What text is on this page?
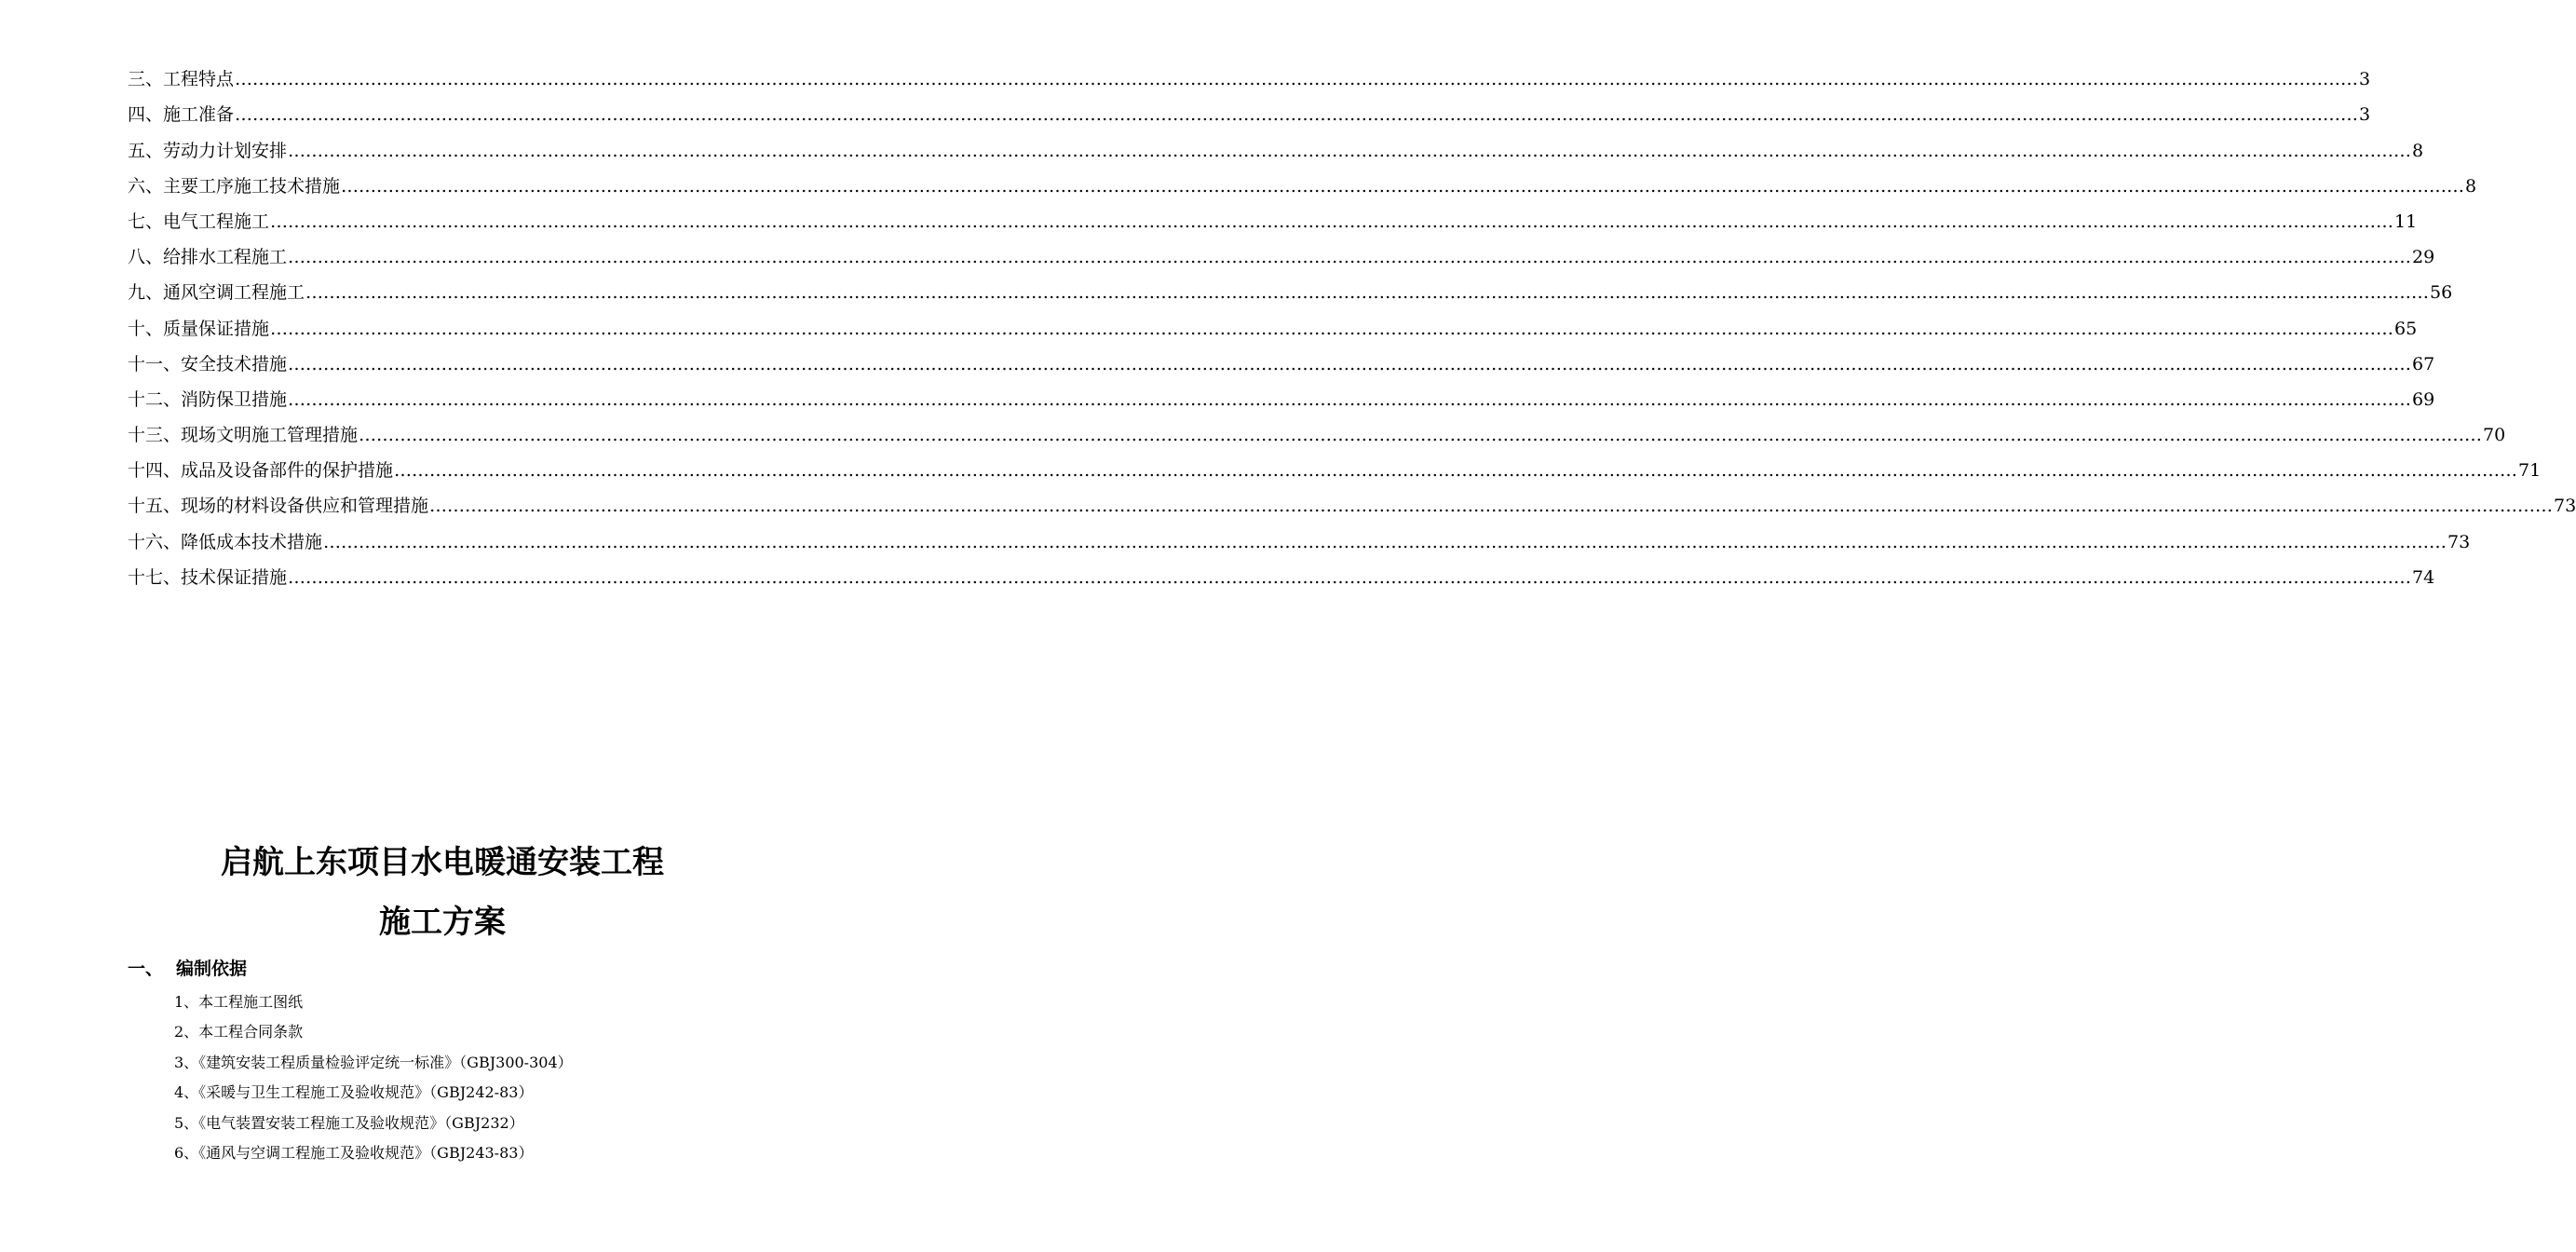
三、工程特点 ……………………………………………………………………………………………………………………………………………………………………………………………………………………………………………………………………………………………………………………………… 3
四、施工准备 ……………………………………………………………………………………………………………………………………………………………………………………………………………………………………………………………………………………………………………………………… 3
五、劳动力计划安排 ……………………………………………………………………………………………………………………………………………………………………………………………………………………………………………………………………………………………………………………………… 8
六、主要工序施工技术措施 ……………………………………………………………………………………………………………………………………………………………………………………………………………………………………………………………………………………………………………………………… 8
七、电气工程施工 ……………………………………………………………………………………………………………………………………………………………………………………………………………………………………………………………………………………………………………………………… 11
八、给排水工程施工 ……………………………………………………………………………………………………………………………………………………………………………………………………………………………………………………………………………………………………………………………… 29
九、通风空调工程施工 ……………………………………………………………………………………………………………………………………………………………………………………………………………………………………………………………………………………………………………………………… 56
十、质量保证措施 ……………………………………………………………………………………………………………………………………………………………………………………………………………………………………………………………………………………………………………………………… 65
十一、安全技术措施 ……………………………………………………………………………………………………………………………………………………………………………………………………………………………………………………………………………………………………………………………… 67
十二、消防保卫措施 ……………………………………………………………………………………………………………………………………………………………………………………………………………………………………………………………………………………………………………………………… 69
十三、现场文明施工管理措施 ……………………………………………………………………………………………………………………………………………………………………………………………………………………………………………………………………………………………………………………………… 70
十四、成品及设备部件的保护措施 ……………………………………………………………………………………………………………………………………………………………………………………………………………………………………………………………………………………………………………………………… 71
十五、现场的材料设备供应和管理措施 ……………………………………………………………………………………………………………………………………………………………………………………………………………………………………………………………………………………………………………………………… 73
十六、降低成本技术措施 ……………………………………………………………………………………………………………………………………………………………………………………………………………………………………………………………………………………………………………………………… 73
十七、技术保证措施 ……………………………………………………………………………………………………………………………………………………………………………………………………………………………………………………………………………………………………………………………… 74
启航上东项目水电暖通安装工程
施工方案
一、 编制依据
1、本工程施工图纸
2、本工程合同条款
3、《建筑安装工程质量检验评定统一标准》（GBJ300-304）
4、《采暖与卫生工程施工及验收规范》（GBJ242-83）
5、《电气装置安装工程施工及验收规范》（GBJ232）
6、《通风与空调工程施工及验收规范》（GBJ243-83）
